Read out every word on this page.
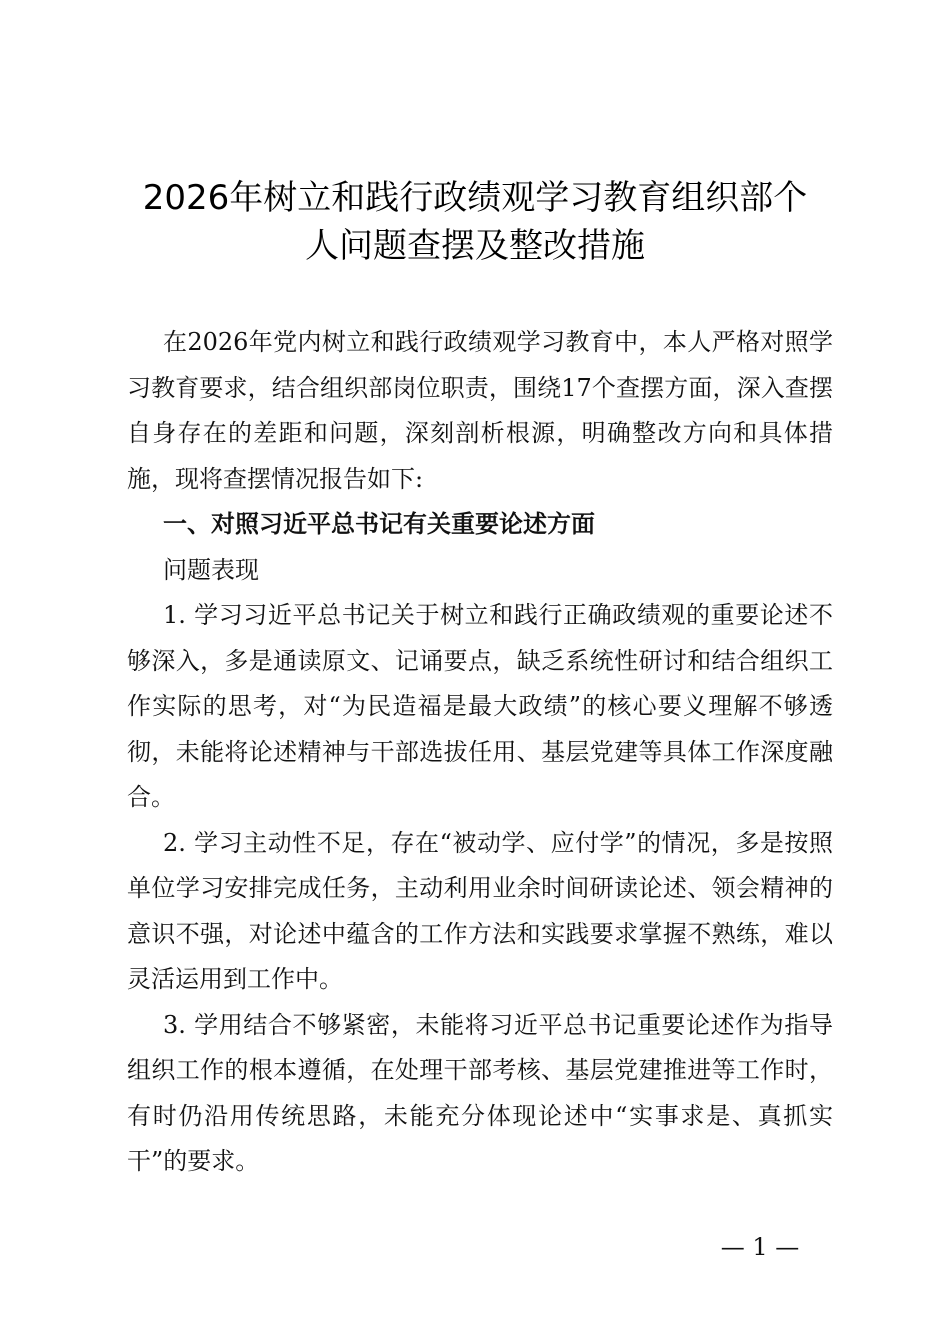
2026年树立和践行政绩观学习教育组织部个
人问题查摆及整改措施

在2026年党内树立和践行政绩观学习教育中，本人严格对照学习教育要求，结合组织部岗位职责，围绕17个查摆方面，深入查摆自身存在的差距和问题，深刻剖析根源，明确整改方向和具体措施，现将查摆情况报告如下:

一、对照习近平总书记有关重要论述方面

问题表现

1. 学习习近平总书记关于树立和践行正确政绩观的重要论述不够深入，多是通读原文、记诵要点，缺乏系统性研讨和结合组织工作实际的思考，对“为民造福是最大政绩”的核心要义理解不够透彻，未能将论述精神与干部选拔任用、基层党建等具体工作深度融合。

2. 学习主动性不足，存在“被动学、应付学”的情况，多是按照单位学习安排完成任务，主动利用业余时间研读论述、领会精神的意识不强，对论述中蕴含的工作方法和实践要求掌握不熟练，难以灵活运用到工作中。

3. 学用结合不够紧密，未能将习近平总书记重要论述作为指导组织工作的根本遵循，在处理干部考核、基层党建推进等工作时，有时仍沿用传统思路，未能充分体现论述中“实事求是、真抓实干”的要求。

— 1 —
